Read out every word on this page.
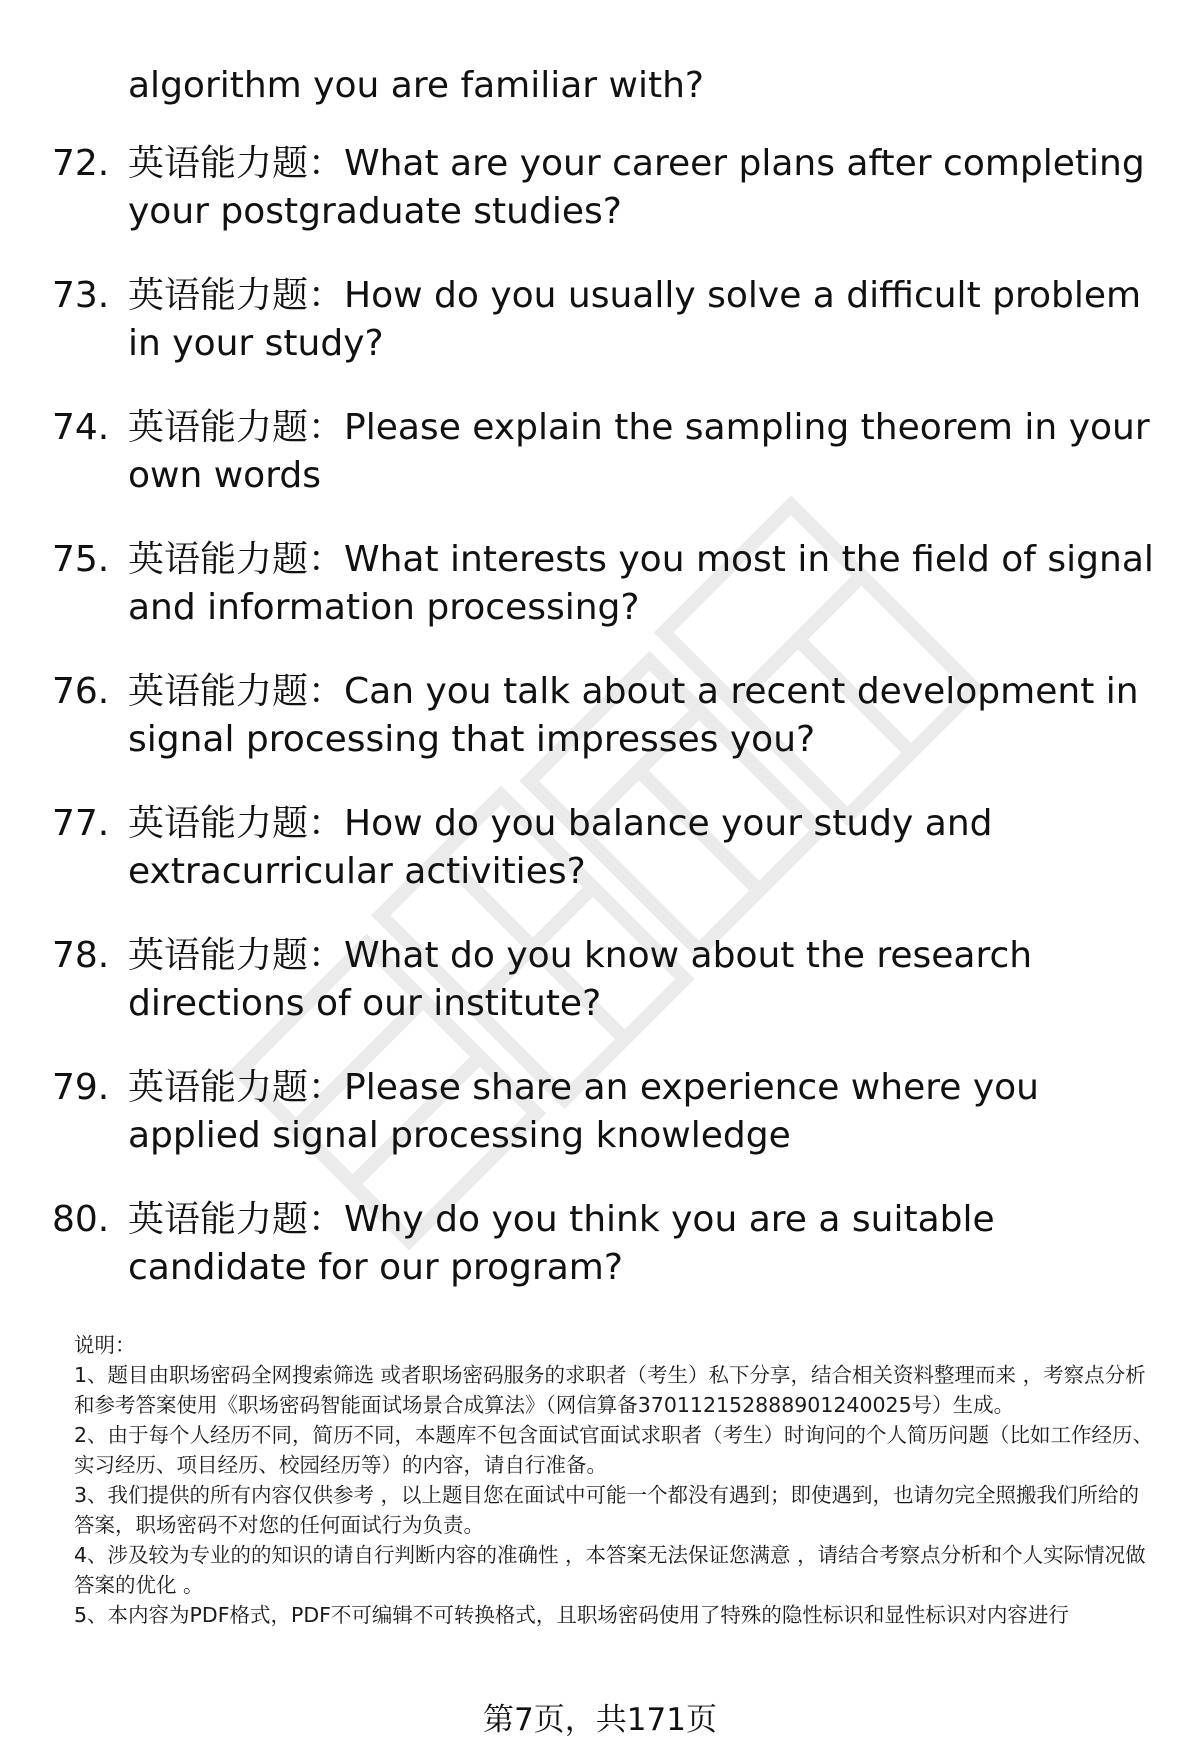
algorithm you are familiar with?

72. 英语能力题：What are your career plans after completing your postgraduate studies?
73. 英语能力题：How do you usually solve a difficult problem in your study?
74. 英语能力题：Please explain the sampling theorem in your own words
75. 英语能力题：What interests you most in the field of signal and information processing?
76. 英语能力题：Can you talk about a recent development in signal processing that impresses you?
77. 英语能力题：How do you balance your study and extracurricular activities?
78. 英语能力题：What do you know about the research directions of our institute?
79. 英语能力题：Please share an experience where you applied signal processing knowledge
80. 英语能力题：Why do you think you are a suitable candidate for our program?

说明：

1、题目由职场密码全网搜索筛选 或者职场密码服务的求职者（考生）私下分享，结合相关资料整理而来 ，考察点分析和参考答案使用《职场密码智能面试场景合成算法》（网信算备370112152888901240025号）生成。

2、由于每个人经历不同，简历不同，本题库不包含面试官面试求职者（考生）时询问的个人简历问题（比如工作经历、实习经历、项目经历、校园经历等）的内容，请自行准备。

3、我们提供的所有内容仅供参考 ，以上题目您在面试中可能一个都没有遇到；即使遇到，也请勿完全照搬我们所给的答案，职场密码不对您的任何面试行为负责。

4、涉及较为专业的的知识的请自行判断内容的准确性 ，本答案无法保证您满意 ，请结合考察点分析和个人实际情况做答案的优化 。

5、本内容为PDF格式，PDF不可编辑不可转换格式，且职场密码使用了特殊的隐性标识和显性标识对内容进行

第7页，共171页
